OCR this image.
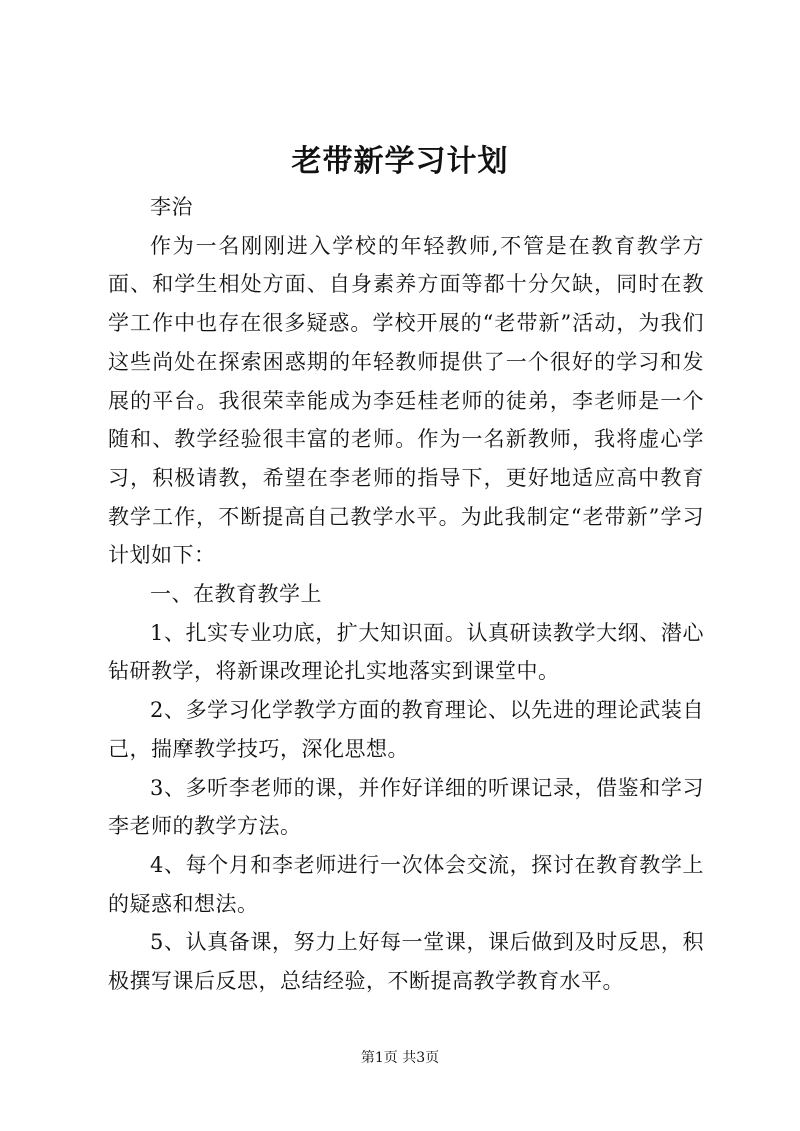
老带新学习计划

李治

作为一名刚刚进入学校的年轻教师,不管是在教育教学方面、和学生相处方面、自身素养方面等都十分欠缺，同时在教学工作中也存在很多疑惑。学校开展的“老带新”活动，为我们这些尚处在探索困惑期的年轻教师提供了一个很好的学习和发展的平台。我很荣幸能成为李廷桂老师的徒弟，李老师是一个随和、教学经验很丰富的老师。作为一名新教师，我将虚心学习，积极请教，希望在李老师的指导下，更好地适应高中教育教学工作，不断提高自己教学水平。为此我制定“老带新”学习计划如下：

一、在教育教学上

1、扎实专业功底，扩大知识面。认真研读教学大纲、潜心钻研教学，将新课改理论扎实地落实到课堂中。

2、多学习化学教学方面的教育理论、以先进的理论武装自己，揣摩教学技巧，深化思想。

3、多听李老师的课，并作好详细的听课记录，借鉴和学习李老师的教学方法。

4、每个月和李老师进行一次体会交流，探讨在教育教学上的疑惑和想法。

5、认真备课，努力上好每一堂课，课后做到及时反思，积极撰写课后反思，总结经验，不断提高教学教育水平。

第1页 共3页
